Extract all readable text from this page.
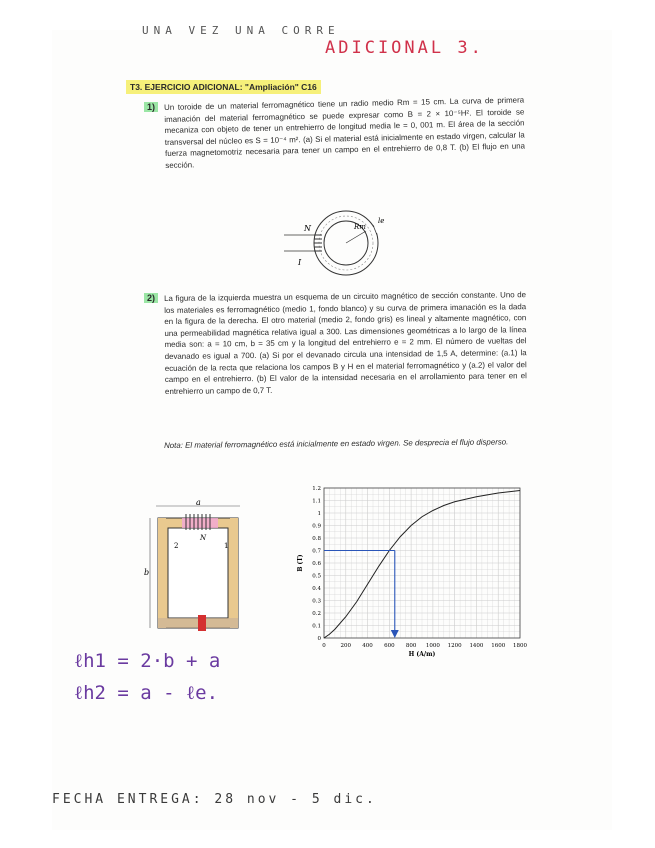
UNA VEZ UNA CORRE
ADICIONAL 3.
T3. EJERCICIO ADICIONAL: "Ampliación" C16
1)	Un toroide de un material ferromagnético tiene un radio medio Rm = 15 cm. La curva de primera imanación del material ferromagnético se puede expresar como B = 2 × 10⁻⁵H². El toroide se mecaniza con objeto de tener un entrehierro de longitud media le = 0, 001 m. El área de la sección transversal del núcleo es S = 10⁻⁴ m². (a) Si el material está inicialmente en estado virgen, calcular la fuerza magnetomotriz necesaria para tener un campo en el entrehierro de 0,8 T. (b) El flujo en una sección.
N
I
Rm
le
2)	La figura de la izquierda muestra un esquema de un circuito magnético de sección constante. Uno de los materiales es ferromagnético (medio 1, fondo blanco) y su curva de primera imanación es la dada en la figura de la derecha. El otro material (medio 2, fondo gris) es lineal y altamente magnético, con una permeabilidad magnética relativa igual a 300. Las dimensiones geométricas a lo largo de la línea media son: a = 10 cm, b = 35 cm y la longitud del entrehierro e = 2 mm. El número de vueltas del devanado es igual a 700. (a) Si por el devanado circula una intensidad de 1,5 A, determine: (a.1) la ecuación de la recta que relaciona los campos B y H en el material ferromagnético y (a.2) el valor del campo en el entrehierro. (b) El valor de la intensidad necesaria en el arrollamiento para tener en el entrehierro un campo de 0,7 T.
Nota: El material ferromagnético está inicialmente en estado virgen. Se desprecia el flujo disperso.
a
b
N
1
2
0	200 400 600 800 1000 1200 1400 1600 1800
0
0.1
0.2
0.3
0.4
0.5
0.6
0.7
0.8
0.9
1
1.1
1.2
H (A/m)
B (T)
ℓh1 = 2·b + a
ℓh2 = a - ℓe.
FECHA ENTREGA: 28 nov - 5 dic.
